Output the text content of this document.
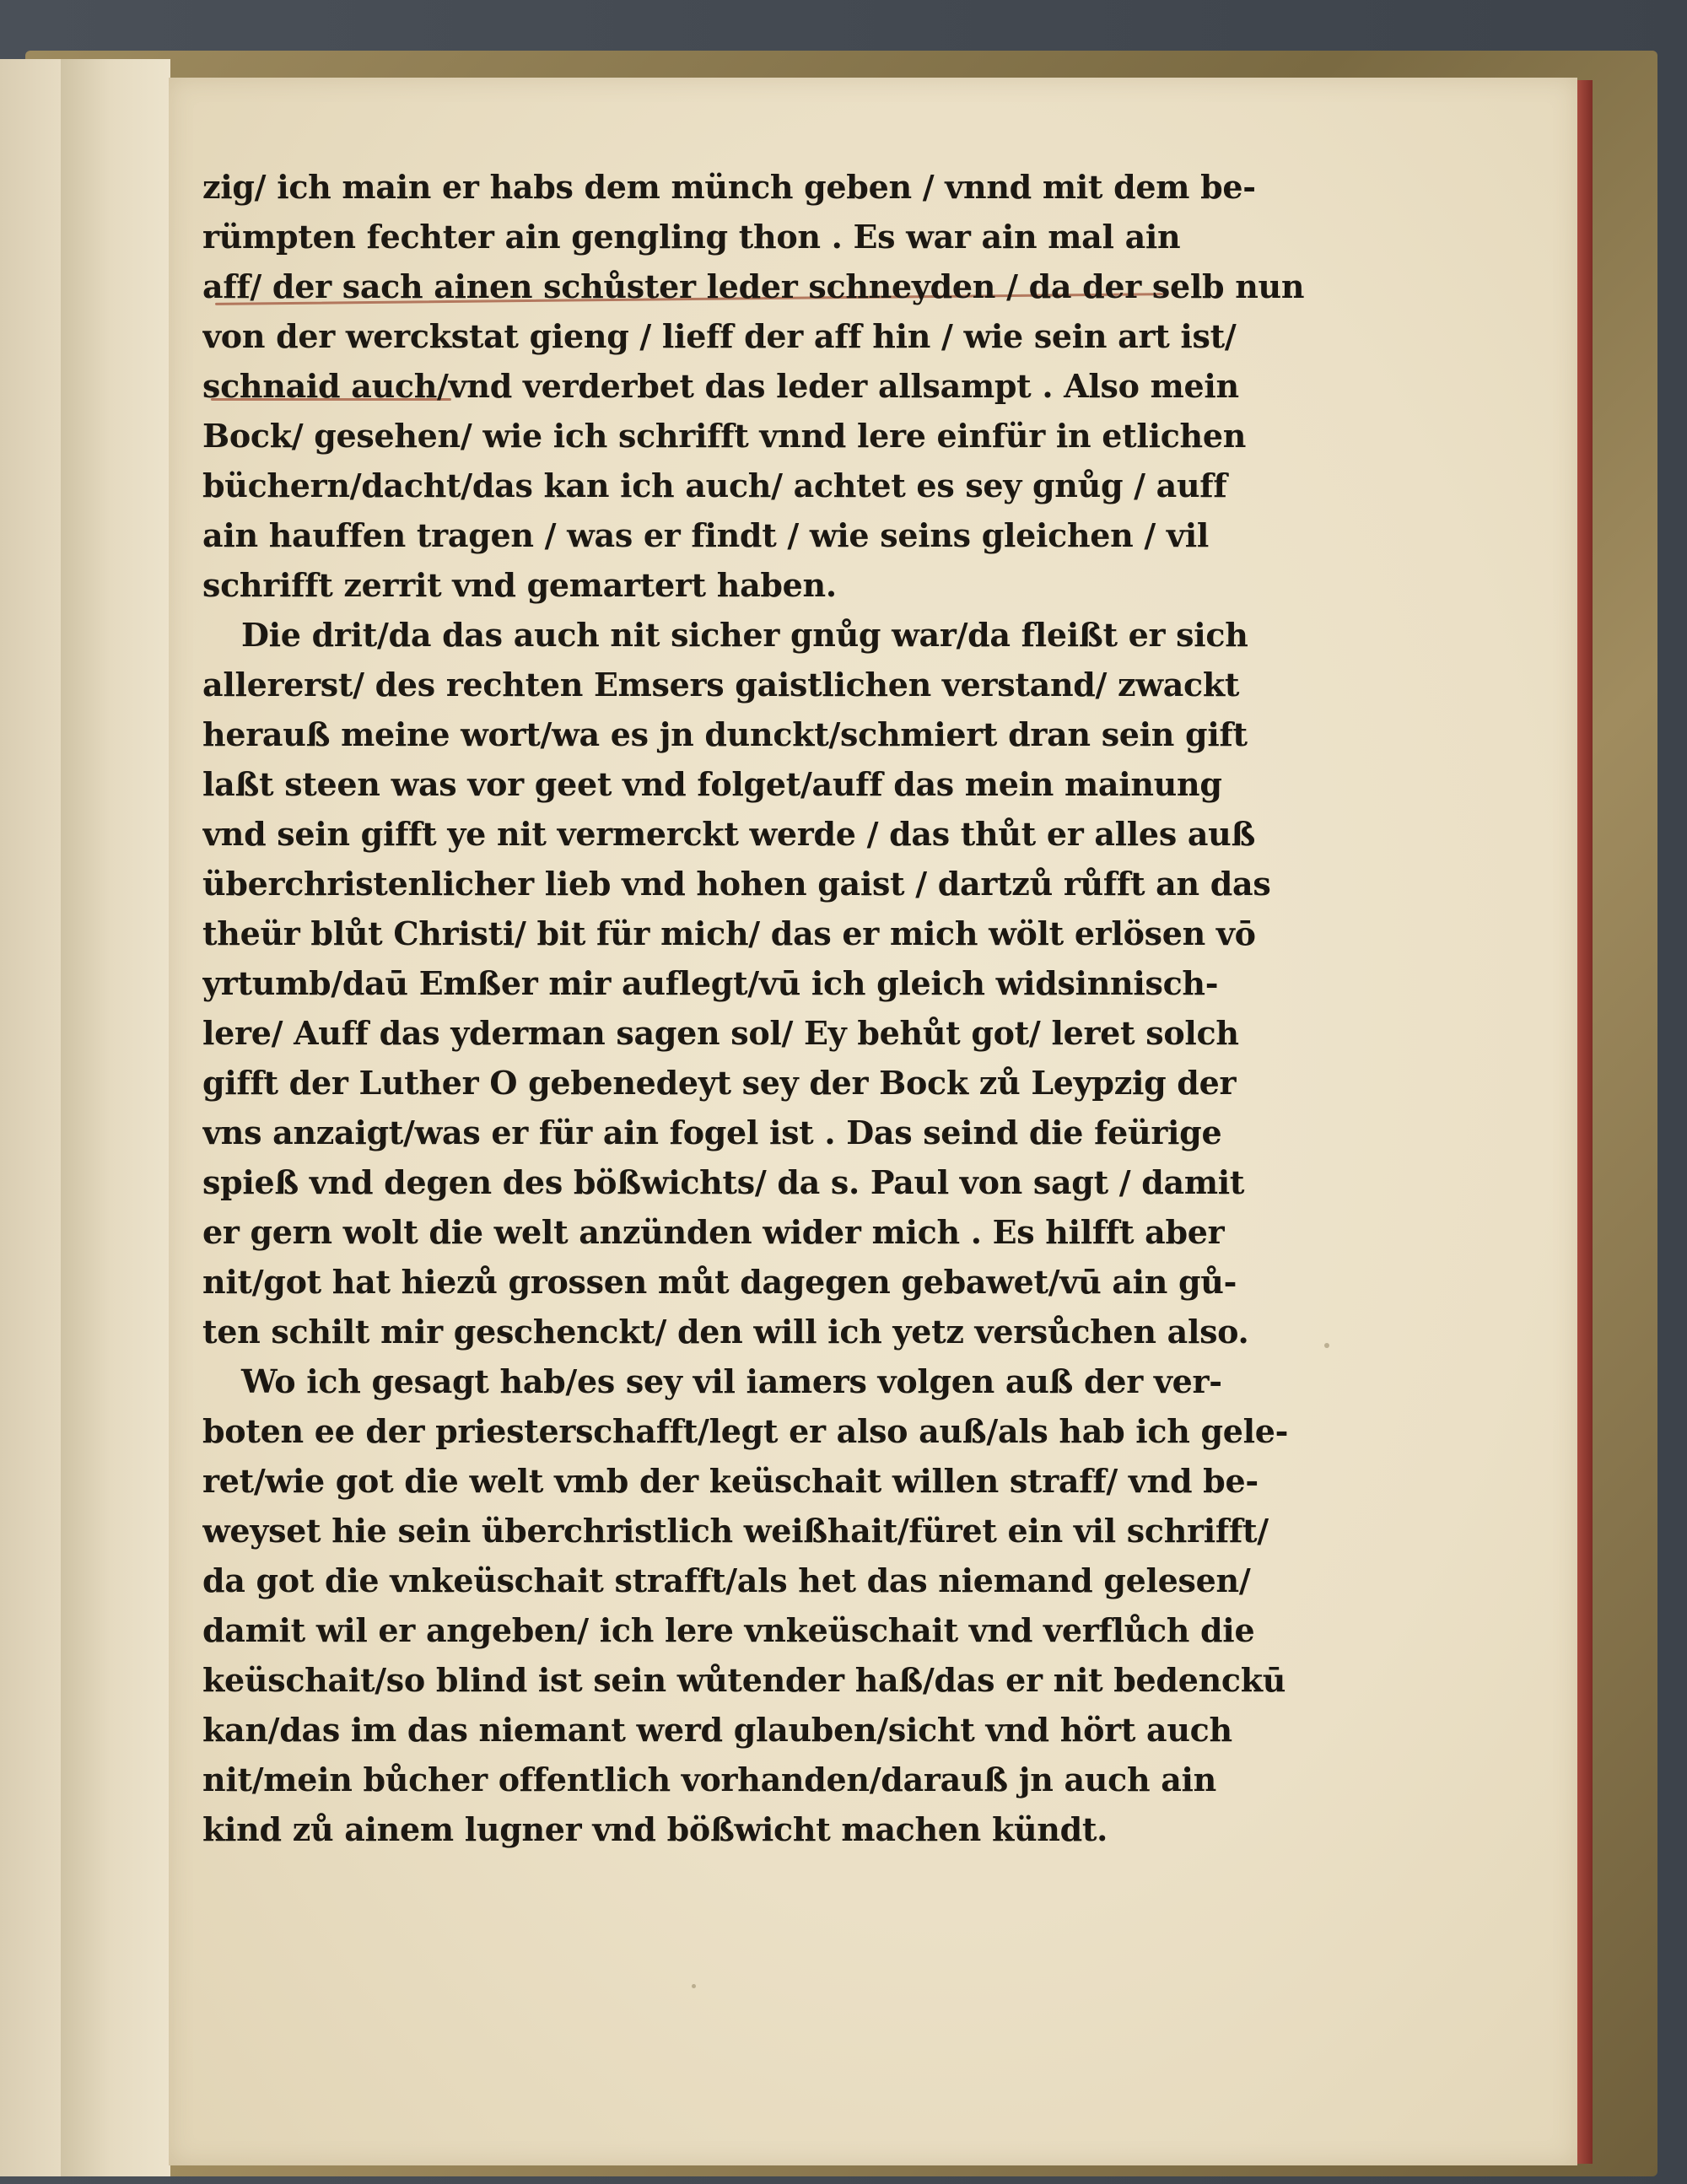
zig/ ich main er habs dem münch geben / vnnd mit dem be-
rümpten fechter ain gengling thon . Es war ain mal ain
aff/ der sach ainen schůster leder schneyden / da der selb nun
von der werckstat gieng / lieff der aff hin / wie sein art ist/
schnaid auch/vnd verderbet das leder allsampt . Also mein
Bock/ gesehen/ wie ich schrifft vnnd lere einfür in etlichen
büchern/dacht/das kan ich auch/ achtet es sey gnůg / auff
ain hauffen tragen / was er findt / wie seins gleichen / vil
schrifft zerrit vnd gemartert haben.
Die drit/da das auch nit sicher gnůg war/da fleißt er sich
allererst/ des rechten Emsers gaistlichen verstand/ zwackt
herauß meine wort/wa es jn dunckt/schmiert dran sein gift
laßt steen was vor geet vnd folget/auff das mein mainung
vnd sein gifft ye nit vermerckt werde / das thůt er alles auß
überchristenlicher lieb vnd hohen gaist / dartzů růfft an das
theür blůt Christi/ bit für mich/ das er mich wölt erlösen vō
yrtumb/daū Emßer mir auflegt/vū ich gleich widsinnisch-
lere/ Auff das yderman sagen sol/ Ey behůt got/ leret solch
gifft der Luther O gebenedeyt sey der Bock zů Leypzig der
vns anzaigt/was er für ain fogel ist . Das seind die feürige
spieß vnd degen des bößwichts/ da s. Paul von sagt / damit
er gern wolt die welt anzünden wider mich . Es hilfft aber
nit/got hat hiezů grossen můt dagegen gebawet/vū ain gů-
ten schilt mir geschenckt/ den will ich yetz versůchen also.
Wo ich gesagt hab/es sey vil iamers volgen auß der ver-
boten ee der priesterschafft/legt er also auß/als hab ich gele-
ret/wie got die welt vmb der keüschait willen straff/ vnd be-
weyset hie sein überchristlich weißhait/füret ein vil schrifft/
da got die vnkeüschait strafft/als het das niemand gelesen/
damit wil er angeben/ ich lere vnkeüschait vnd verflůch die
keüschait/so blind ist sein wůtender haß/das er nit bedenckū
kan/das im das niemant werd glauben/sicht vnd hört auch
nit/mein bůcher offentlich vorhanden/darauß jn auch ain
kind zů ainem lugner vnd bößwicht machen kündt.
